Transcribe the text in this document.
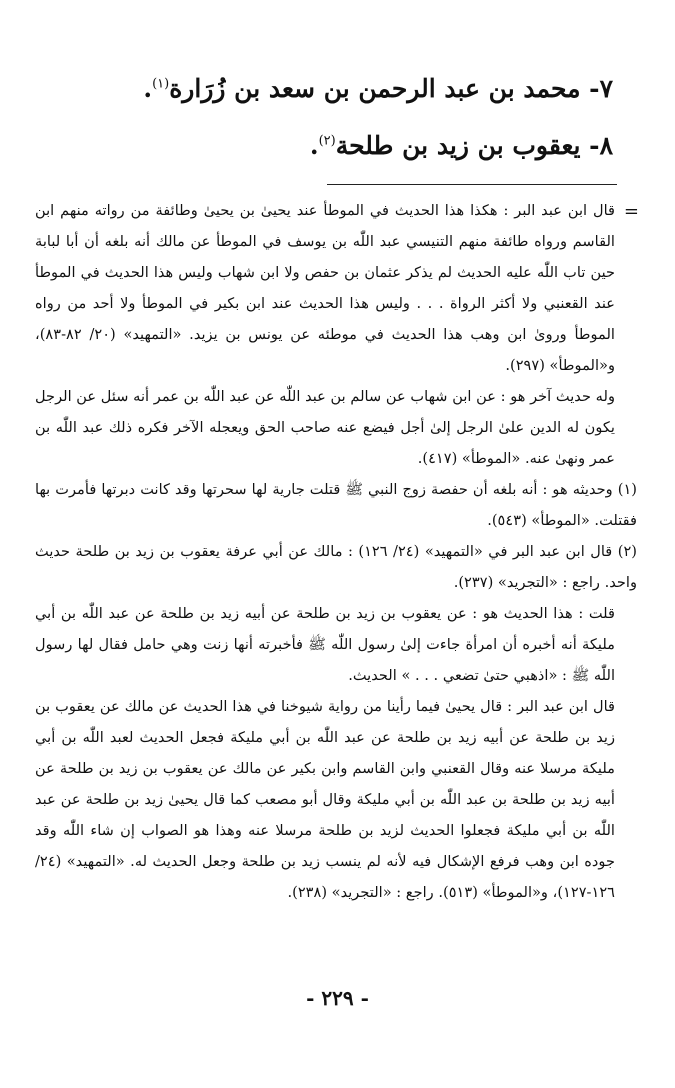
٧- محمد بن عبد الرحمن بن سعد بن زُرَارة$^{(١)}$.
٨- يعقوب بن زيد بن طلحة$^{(٢)}$.
=

قال ابن عبد البر : هكذا هذا الحديث في الموطأ عند يحيىٰ بن يحيىٰ وطائفة من رواته منهم ابن القاسم ورواه طائفة منهم التنيسي عبد اللّٰه بن يوسف في الموطأ عن مالك أنه بلغه أن أبا لبابة حين تاب اللّٰه عليه الحديث لم يذكر عثمان بن حفص ولا ابن شهاب وليس هذا الحديث في الموطأ عند القعنبي ولا أكثر الرواة . . . وليس هذا الحديث عند ابن بكير في الموطأ ولا أحد من رواه الموطأ وروىٰ ابن وهب هذا الحديث في موطئه عن يونس بن يزيد. «التمهيد» (٢٠/ ٨٢-٨٣)، و«الموطأ» (٢٩٧).

وله حديث آخر هو : عن ابن شهاب عن سالم بن عبد اللّٰه عن عبد اللّٰه بن عمر أنه سئل عن الرجل يكون له الدين علىٰ الرجل إلىٰ أجل فيضع عنه صاحب الحق ويعجله الآخر فكره ذلك عبد اللّٰه بن عمر ونهىٰ عنه. «الموطأ» (٤١٧).

(١) وحديثه هو : أنه بلغه أن حفصة زوج النبي ﷺ قتلت جارية لها سحرتها وقد كانت دبرتها فأمرت بها فقتلت. «الموطأ» (٥٤٣).

(٢) قال ابن عبد البر في «التمهيد» (٢٤/ ١٢٦) : مالك عن أبي عرفة يعقوب بن زيد بن طلحة حديث واحد. راجع : «التجريد» (٢٣٧).

قلت : هذا الحديث هو : عن يعقوب بن زيد بن طلحة عن أبيه زيد بن طلحة عن عبد اللّٰه بن أبي مليكة أنه أخبره أن امرأة جاءت إلىٰ رسول اللّٰه ﷺ فأخبرته أنها زنت وهي حامل فقال لها رسول اللّٰه ﷺ : «اذهبي حتىٰ تضعي . . . » الحديث.

قال ابن عبد البر : قال يحيىٰ فيما رأينا من رواية شيوخنا في هذا الحديث عن مالك عن يعقوب بن زيد بن طلحة عن أبيه زيد بن طلحة عن عبد اللّٰه بن أبي مليكة فجعل الحديث لعبد اللّٰه بن أبي مليكة مرسلا عنه وقال القعنبي وابن القاسم وابن بكير عن مالك عن يعقوب بن زيد بن طلحة عن أبيه زيد بن طلحة بن عبد اللّٰه بن أبي مليكة وقال أبو مصعب كما قال يحيىٰ زيد بن طلحة عن عبد اللّٰه بن أبي مليكة فجعلوا الحديث لزيد بن طلحة مرسلا عنه وهذا هو الصواب إن شاء اللّٰه وقد جوده ابن وهب فرفع الإشكال فيه لأنه لم ينسب زيد بن طلحة وجعل الحديث له. «التمهيد» (٢٤/ ١٢٦-١٢٧)، و«الموطأ» (٥١٣). راجع : «التجريد» (٢٣٨).

- ٢٢٩ -
